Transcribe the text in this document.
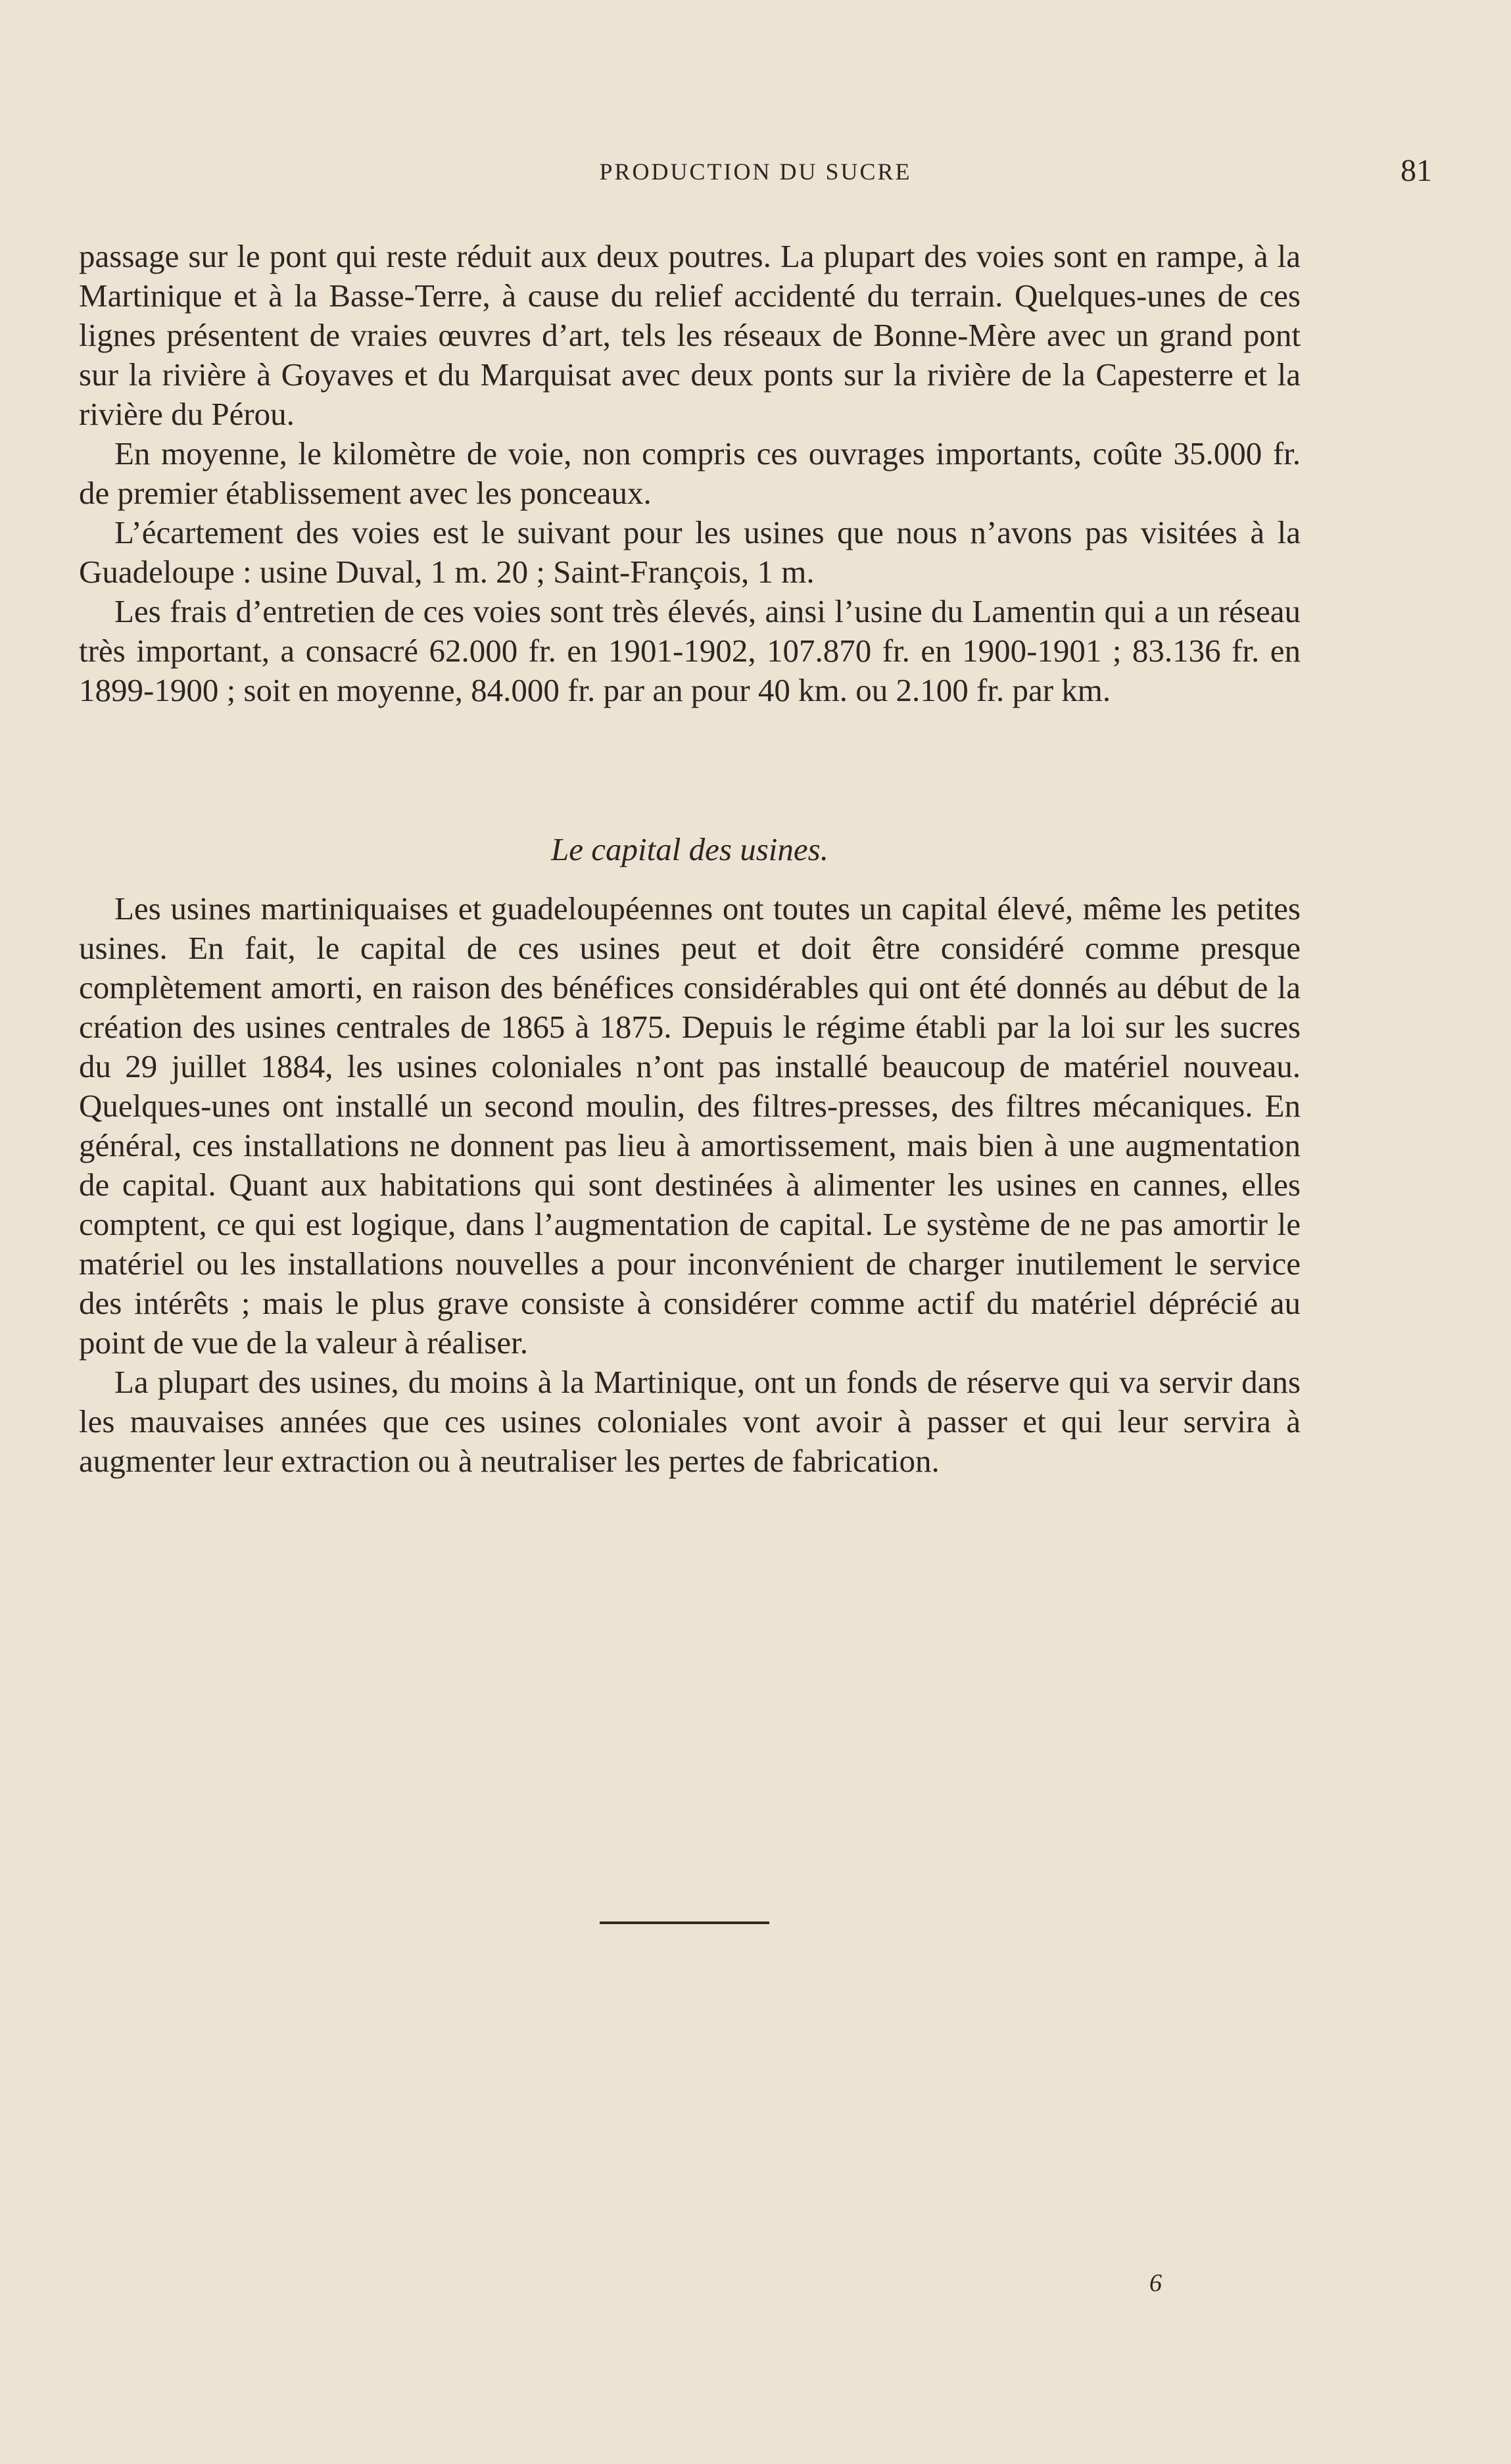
PRODUCTION DU SUCRE	81

passage sur le pont qui reste réduit aux deux poutres. La plupart des voies sont en rampe, à la Martinique et à la Basse-Terre, à cause du relief accidenté du terrain. Quelques-unes de ces lignes présentent de vraies œuvres d’art, tels les réseaux de Bonne-Mère avec un grand pont sur la rivière à Goyaves et du Marquisat avec deux ponts sur la rivière de la Capesterre et la rivière du Pérou.

En moyenne, le kilomètre de voie, non compris ces ouvrages importants, coûte 35.000 fr. de premier établissement avec les ponceaux.

L’écartement des voies est le suivant pour les usines que nous n’avons pas visitées à la Guadeloupe : usine Duval, 1 m. 20 ; Saint-François, 1 m.

Les frais d’entretien de ces voies sont très élevés, ainsi l’usine du Lamentin qui a un réseau très important, a consacré 62.000 fr. en 1901-1902, 107.870 fr. en 1900-1901 ; 83.136 fr. en 1899-1900 ; soit en moyenne, 84.000 fr. par an pour 40 km. ou 2.100 fr. par km.

Le capital des usines.

Les usines martiniquaises et guadeloupéennes ont toutes un capital élevé, même les petites usines. En fait, le capital de ces usines peut et doit être considéré comme presque complètement amorti, en raison des bénéfices considérables qui ont été donnés au début de la création des usines centrales de 1865 à 1875. Depuis le régime établi par la loi sur les sucres du 29 juillet 1884, les usines coloniales n’ont pas installé beaucoup de matériel nouveau. Quelques-unes ont installé un second moulin, des filtres-presses, des filtres mécaniques. En général, ces installations ne donnent pas lieu à amortissement, mais bien à une augmentation de capital. Quant aux habitations qui sont destinées à alimenter les usines en cannes, elles comptent, ce qui est logique, dans l’augmentation de capital. Le système de ne pas amortir le matériel ou les installations nouvelles a pour inconvénient de charger inutilement le service des intérêts ; mais le plus grave consiste à considérer comme actif du matériel déprécié au point de vue de la valeur à réaliser.

La plupart des usines, du moins à la Martinique, ont un fonds de réserve qui va servir dans les mauvaises années que ces usines coloniales vont avoir à passer et qui leur servira à augmenter leur extraction ou à neutraliser les pertes de fabrication.

6
